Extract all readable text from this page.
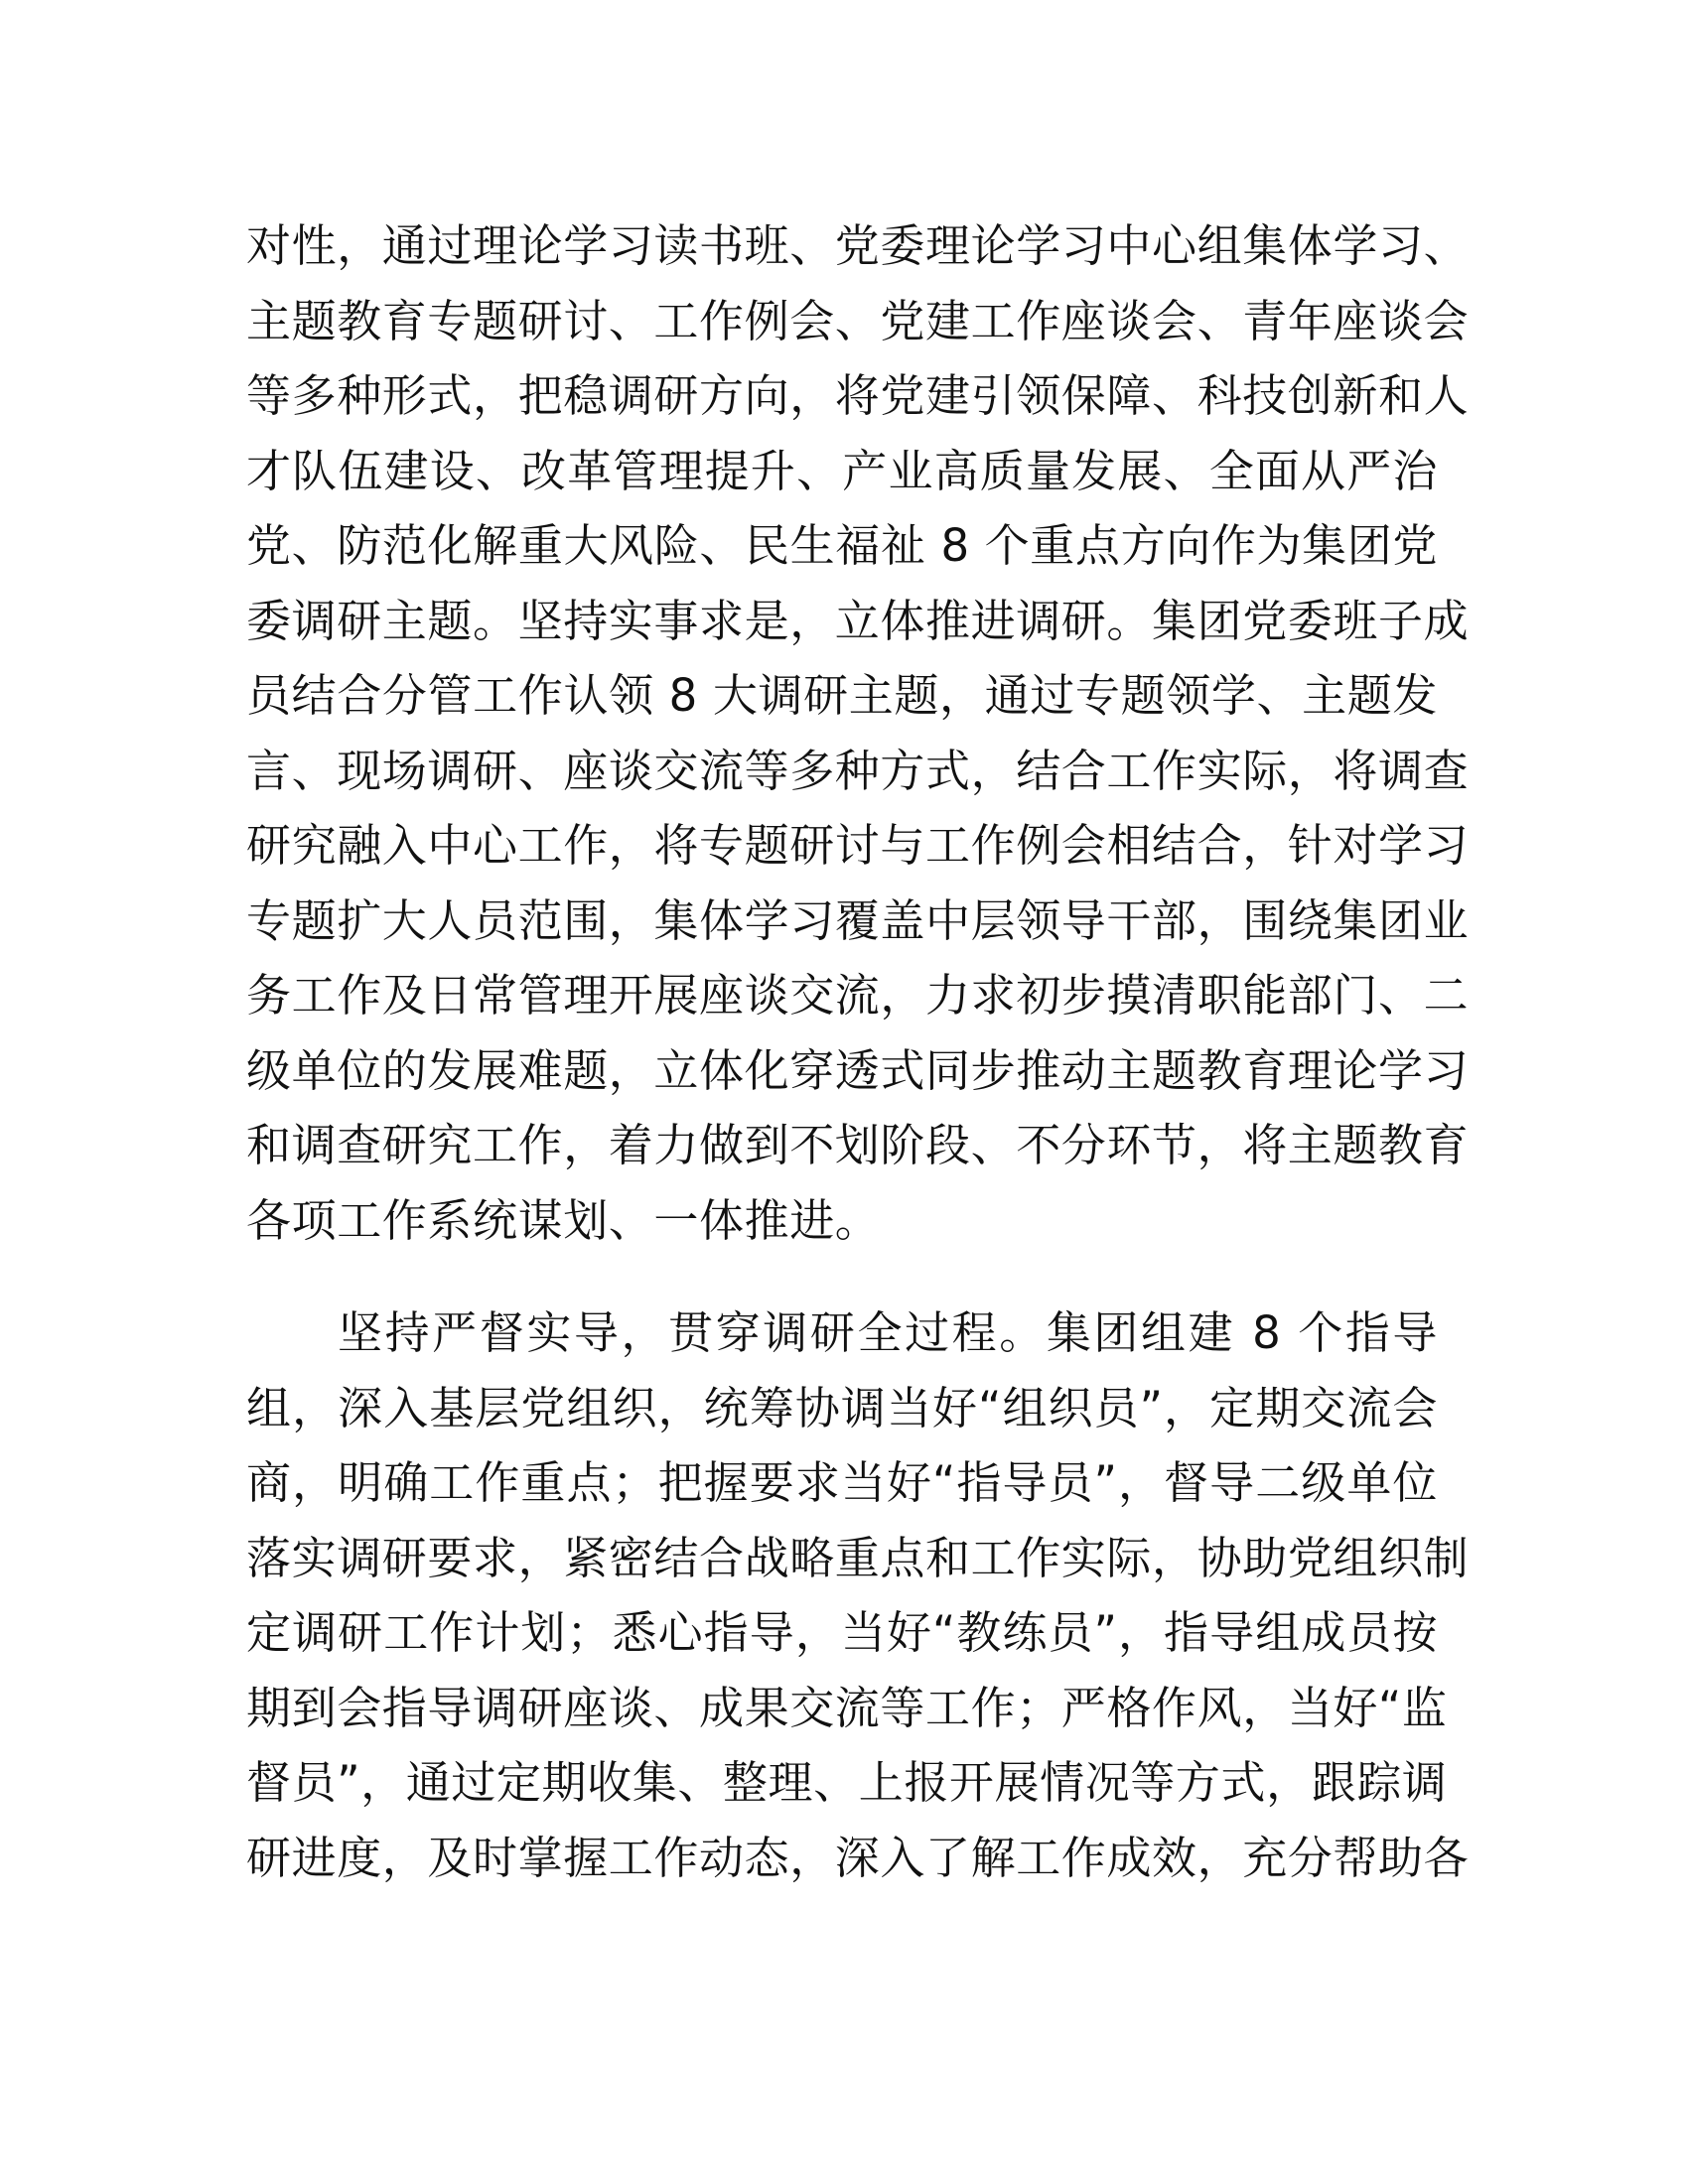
对性，通过理论学习读书班、党委理论学习中心组集体学习、
主题教育专题研讨、工作例会、党建工作座谈会、青年座谈会
等多种形式，把稳调研方向，将党建引领保障、科技创新和人
才队伍建设、改革管理提升、产业高质量发展、全面从严治
党、防范化解重大风险、民生福祉 8 个重点方向作为集团党
委调研主题。坚持实事求是，立体推进调研。集团党委班子成
员结合分管工作认领 8 大调研主题，通过专题领学、主题发
言、现场调研、座谈交流等多种方式，结合工作实际，将调查
研究融入中心工作，将专题研讨与工作例会相结合，针对学习
专题扩大人员范围，集体学习覆盖中层领导干部，围绕集团业
务工作及日常管理开展座谈交流，力求初步摸清职能部门、二
级单位的发展难题，立体化穿透式同步推动主题教育理论学习
和调查研究工作，着力做到不划阶段、不分环节，将主题教育
各项工作系统谋划、一体推进。

坚持严督实导，贯穿调研全过程。集团组建 8 个指导
组，深入基层党组织，统筹协调当好“组织员”，定期交流会
商，明确工作重点；把握要求当好“指导员”，督导二级单位
落实调研要求，紧密结合战略重点和工作实际，协助党组织制
定调研工作计划；悉心指导，当好“教练员”，指导组成员按
期到会指导调研座谈、成果交流等工作；严格作风，当好“监
督员”，通过定期收集、整理、上报开展情况等方式，跟踪调
研进度，及时掌握工作动态，深入了解工作成效，充分帮助各
